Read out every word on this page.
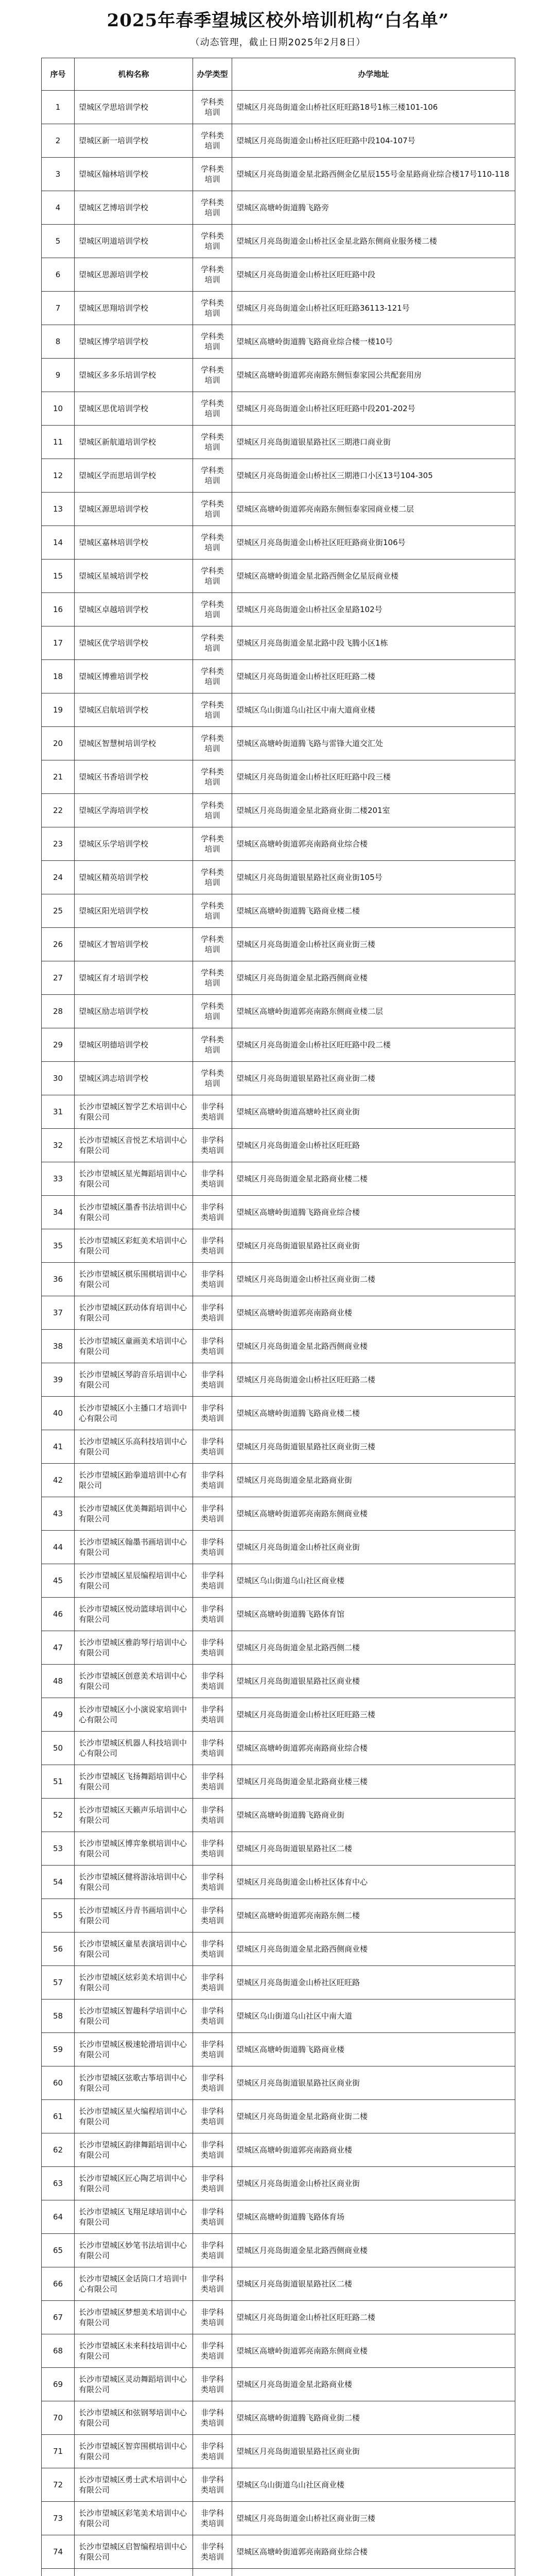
2025年春季望城区校外培训机构“白名单”
（动态管理，截止日期2025年2月8日）
序号	机构名称	办学类型	办学地址
1	望城区学思培训学校	学科类培训	望城区月亮岛街道金山桥社区旺旺路18号1栋三楼101-106
2	望城区新一培训学校	学科类培训	望城区月亮岛街道金山桥社区旺旺路中段104-107号
3	望城区翰林培训学校	学科类培训	望城区月亮岛街道金星北路西侧金亿星辰155号金星路商业综合楼17号110-118
4	望城区艺博培训学校	学科类培训	望城区高塘岭街道腾飞路旁
5	望城区明道培训学校	学科类培训	望城区月亮岛街道金山桥社区金星北路东侧商业服务楼二楼
6	望城区思源培训学校	学科类培训	望城区月亮岛街道金山桥社区旺旺路中段
7	望城区思翔培训学校	学科类培训	望城区月亮岛街道金山桥社区旺旺路36113-121号
8	望城区博学培训学校	学科类培训	望城区高塘岭街道腾飞路商业综合楼一楼10号
9	望城区多多乐培训学校	学科类培训	望城区高塘岭街道郭亮南路东侧恒泰家园公共配套用房
10	望城区思优培训学校	学科类培训	望城区月亮岛街道金山桥社区旺旺路中段201-202号
11	望城区新航道培训学校	学科类培训	望城区月亮岛街道银星路社区三期港口商业街
12	望城区学而思培训学校	学科类培训	望城区月亮岛街道金山桥社区三期港口小区13号104-305
13	望城区源思培训学校	学科类培训	望城区高塘岭街道郭亮南路东侧恒泰家园商业楼二层
14	望城区嘉林培训学校	学科类培训	望城区月亮岛街道金山桥社区旺旺路商业街106号
15	望城区星城培训学校	学科类培训	望城区高塘岭街道金星北路西侧金亿星辰商业楼
16	望城区卓越培训学校	学科类培训	望城区月亮岛街道金山桥社区金星路102号
17	望城区优学培训学校	学科类培训	望城区月亮岛街道金星北路中段飞腾小区1栋
18	望城区博雅培训学校	学科类培训	望城区月亮岛街道金山桥社区旺旺路二楼
19	望城区启航培训学校	学科类培训	望城区乌山街道乌山社区中南大道商业楼
20	望城区智慧树培训学校	学科类培训	望城区高塘岭街道腾飞路与雷锋大道交汇处
21	望城区书香培训学校	学科类培训	望城区月亮岛街道金山桥社区旺旺路中段三楼
22	望城区学海培训学校	学科类培训	望城区月亮岛街道金星北路商业街二楼201室
23	望城区乐学培训学校	学科类培训	望城区高塘岭街道郭亮南路商业综合楼
24	望城区精英培训学校	学科类培训	望城区月亮岛街道银星路社区商业街105号
25	望城区阳光培训学校	学科类培训	望城区高塘岭街道腾飞路商业楼二楼
26	望城区才智培训学校	学科类培训	望城区月亮岛街道金山桥社区商业街三楼
27	望城区育才培训学校	学科类培训	望城区月亮岛街道金星北路西侧商业楼
28	望城区励志培训学校	学科类培训	望城区高塘岭街道郭亮南路东侧商业楼二层
29	望城区明德培训学校	学科类培训	望城区月亮岛街道金山桥社区旺旺路中段二楼
30	望城区鸿志培训学校	学科类培训	望城区月亮岛街道银星路社区商业街二楼
31	长沙市望城区智学艺术培训中心有限公司	非学科类培训	望城区高塘岭街道高塘岭社区商业街
32	长沙市望城区音悦艺术培训中心有限公司	非学科类培训	望城区月亮岛街道金山桥社区旺旺路
33	长沙市望城区星光舞蹈培训中心有限公司	非学科类培训	望城区月亮岛街道金星北路商业楼二楼
34	长沙市望城区墨香书法培训中心有限公司	非学科类培训	望城区高塘岭街道腾飞路商业综合楼
35	长沙市望城区彩虹美术培训中心有限公司	非学科类培训	望城区月亮岛街道银星路社区商业街
36	长沙市望城区棋乐围棋培训中心有限公司	非学科类培训	望城区月亮岛街道金山桥社区商业街二楼
37	长沙市望城区跃动体育培训中心有限公司	非学科类培训	望城区高塘岭街道郭亮南路商业楼
38	长沙市望城区童画美术培训中心有限公司	非学科类培训	望城区月亮岛街道金星北路西侧商业楼
39	长沙市望城区琴韵音乐培训中心有限公司	非学科类培训	望城区月亮岛街道金山桥社区旺旺路二楼
40	长沙市望城区小主播口才培训中心有限公司	非学科类培训	望城区高塘岭街道腾飞路商业楼二楼
41	长沙市望城区乐高科技培训中心有限公司	非学科类培训	望城区月亮岛街道银星路社区商业街三楼
42	长沙市望城区跆拳道培训中心有限公司	非学科类培训	望城区月亮岛街道金星北路商业街
43	长沙市望城区优美舞蹈培训中心有限公司	非学科类培训	望城区高塘岭街道郭亮南路东侧商业楼
44	长沙市望城区翰墨书画培训中心有限公司	非学科类培训	望城区月亮岛街道金山桥社区商业街
45	长沙市望城区星辰编程培训中心有限公司	非学科类培训	望城区乌山街道乌山社区商业楼
46	长沙市望城区悦动篮球培训中心有限公司	非学科类培训	望城区高塘岭街道腾飞路体育馆
47	长沙市望城区雅韵琴行培训中心有限公司	非学科类培训	望城区月亮岛街道金星北路西侧二楼
48	长沙市望城区创意美术培训中心有限公司	非学科类培训	望城区月亮岛街道银星路社区商业楼
49	长沙市望城区小小演说家培训中心有限公司	非学科类培训	望城区月亮岛街道金山桥社区旺旺路三楼
50	长沙市望城区机器人科技培训中心有限公司	非学科类培训	望城区高塘岭街道郭亮南路商业综合楼
51	长沙市望城区飞扬舞蹈培训中心有限公司	非学科类培训	望城区月亮岛街道金星北路商业楼三楼
52	长沙市望城区天籁声乐培训中心有限公司	非学科类培训	望城区高塘岭街道腾飞路商业街
53	长沙市望城区博弈象棋培训中心有限公司	非学科类培训	望城区月亮岛街道银星路社区二楼
54	长沙市望城区健将游泳培训中心有限公司	非学科类培训	望城区月亮岛街道金山桥社区体育中心
55	长沙市望城区丹青书画培训中心有限公司	非学科类培训	望城区高塘岭街道郭亮南路东侧二楼
56	长沙市望城区童星表演培训中心有限公司	非学科类培训	望城区月亮岛街道金星北路西侧商业楼
57	长沙市望城区炫彩美术培训中心有限公司	非学科类培训	望城区月亮岛街道金山桥社区旺旺路
58	长沙市望城区智趣科学培训中心有限公司	非学科类培训	望城区乌山街道乌山社区中南大道
59	长沙市望城区极速轮滑培训中心有限公司	非学科类培训	望城区高塘岭街道腾飞路商业楼
60	长沙市望城区弦歌古筝培训中心有限公司	非学科类培训	望城区月亮岛街道银星路社区商业街
61	长沙市望城区星火编程培训中心有限公司	非学科类培训	望城区月亮岛街道金星北路商业街二楼
62	长沙市望城区韵律舞蹈培训中心有限公司	非学科类培训	望城区高塘岭街道郭亮南路商业楼
63	长沙市望城区匠心陶艺培训中心有限公司	非学科类培训	望城区月亮岛街道金山桥社区商业街
64	长沙市望城区飞翔足球培训中心有限公司	非学科类培训	望城区高塘岭街道腾飞路体育场
65	长沙市望城区妙笔书法培训中心有限公司	非学科类培训	望城区月亮岛街道金星北路西侧商业楼
66	长沙市望城区金话筒口才培训中心有限公司	非学科类培训	望城区月亮岛街道银星路社区二楼
67	长沙市望城区梦想美术培训中心有限公司	非学科类培训	望城区月亮岛街道金山桥社区旺旺路二楼
68	长沙市望城区未来科技培训中心有限公司	非学科类培训	望城区高塘岭街道郭亮南路东侧商业楼
69	长沙市望城区灵动舞蹈培训中心有限公司	非学科类培训	望城区月亮岛街道金星北路商业楼
70	长沙市望城区和弦钢琴培训中心有限公司	非学科类培训	望城区高塘岭街道腾飞路商业街二楼
71	长沙市望城区智弈围棋培训中心有限公司	非学科类培训	望城区月亮岛街道银星路社区商业街
72	长沙市望城区勇士武术培训中心有限公司	非学科类培训	望城区乌山街道乌山社区商业楼
73	长沙市望城区彩笔美术培训中心有限公司	非学科类培训	望城区月亮岛街道金山桥社区商业街三楼
74	长沙市望城区启智编程培训中心有限公司	非学科类培训	望城区高塘岭街道郭亮南路商业综合楼
